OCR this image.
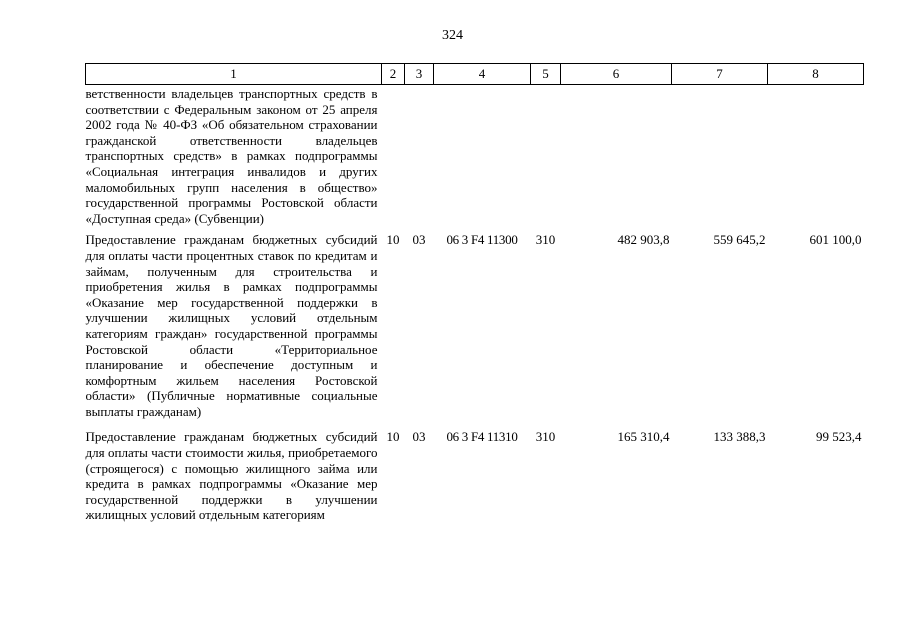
324
1	2	3	4	5	6	7	8
ветственности владельцев транспортных средств в соответствии с Федеральным законом от 25 апреля 2002 года № 40-ФЗ «Об обязательном страховании гражданской ответственности владельцев транспортных средств» в рамках подпрограммы «Социальная интеграция инвалидов и других маломобильных групп населения в общество» государственной программы Ростовской области «Доступная среда» (Субвенции)							
Предоставление гражданам бюджетных субсидий для оплаты части процентных ставок по кредитам и займам, полученным для строительства и приобретения жилья в рамках подпрограммы «Оказание мер государственной поддержки в улучшении жилищных условий отдельным категориям граждан» государственной программы Ростовской области «Территориальное планирование и обеспечение доступным и комфортным жильем населения Ростовской области» (Публичные нормативные социальные выплаты гражданам)	10	03	06 3 F4 11300	310	482 903,8	559 645,2	601 100,0
Предоставление гражданам бюджетных субсидий для оплаты части стоимости жилья, приобретаемого (строящегося) с помощью жилищного займа или кредита в рамках подпрограммы «Оказание мер государственной поддержки в улучшении жилищных условий отдельным категориям	10	03	06 3 F4 11310	310	165 310,4	133 388,3	99 523,4
